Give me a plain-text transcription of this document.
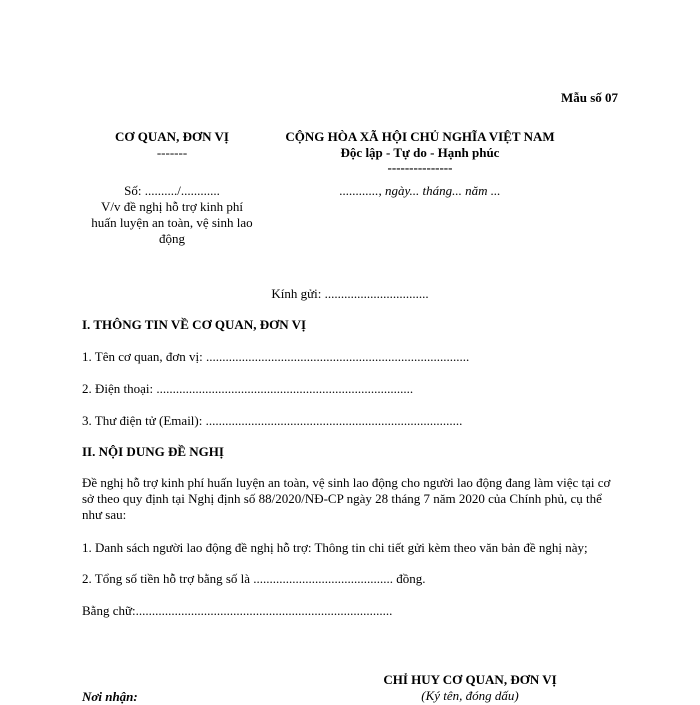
Mẫu số 07
CƠ QUAN, ĐƠN VỊ
-------
CỘNG HÒA XÃ HỘI CHỦ NGHĨA VIỆT NAM
Độc lập - Tự do - Hạnh phúc
---------------
Số: ........../............
V/v đề nghị hỗ trợ kinh phí
huấn luyện an toàn, vệ sinh lao
động
............, ngày... tháng... năm ...
Kính gửi: ................................
I. THÔNG TIN VỀ CƠ QUAN, ĐƠN VỊ
1. Tên cơ quan, đơn vị: .................................................................................
2. Điện thoại: ...............................................................................
3. Thư điện tử (Email): ...............................................................................
II. NỘI DUNG ĐỀ NGHỊ
Đề nghị hỗ trợ kinh phí huấn luyện an toàn, vệ sinh lao động cho người lao động đang làm việc tại cơ sở theo quy định tại Nghị định số 88/2020/NĐ-CP ngày 28 tháng 7 năm 2020 của Chính phủ, cụ thể như sau:
1. Danh sách người lao động đề nghị hỗ trợ: Thông tin chi tiết gửi kèm theo văn bản đề nghị này;
2. Tổng số tiền hỗ trợ bằng số là ........................................... đồng.
Bằng chữ:...............................................................................
Nơi nhận:
CHỈ HUY CƠ QUAN, ĐƠN VỊ
(Ký tên, đóng dấu)
